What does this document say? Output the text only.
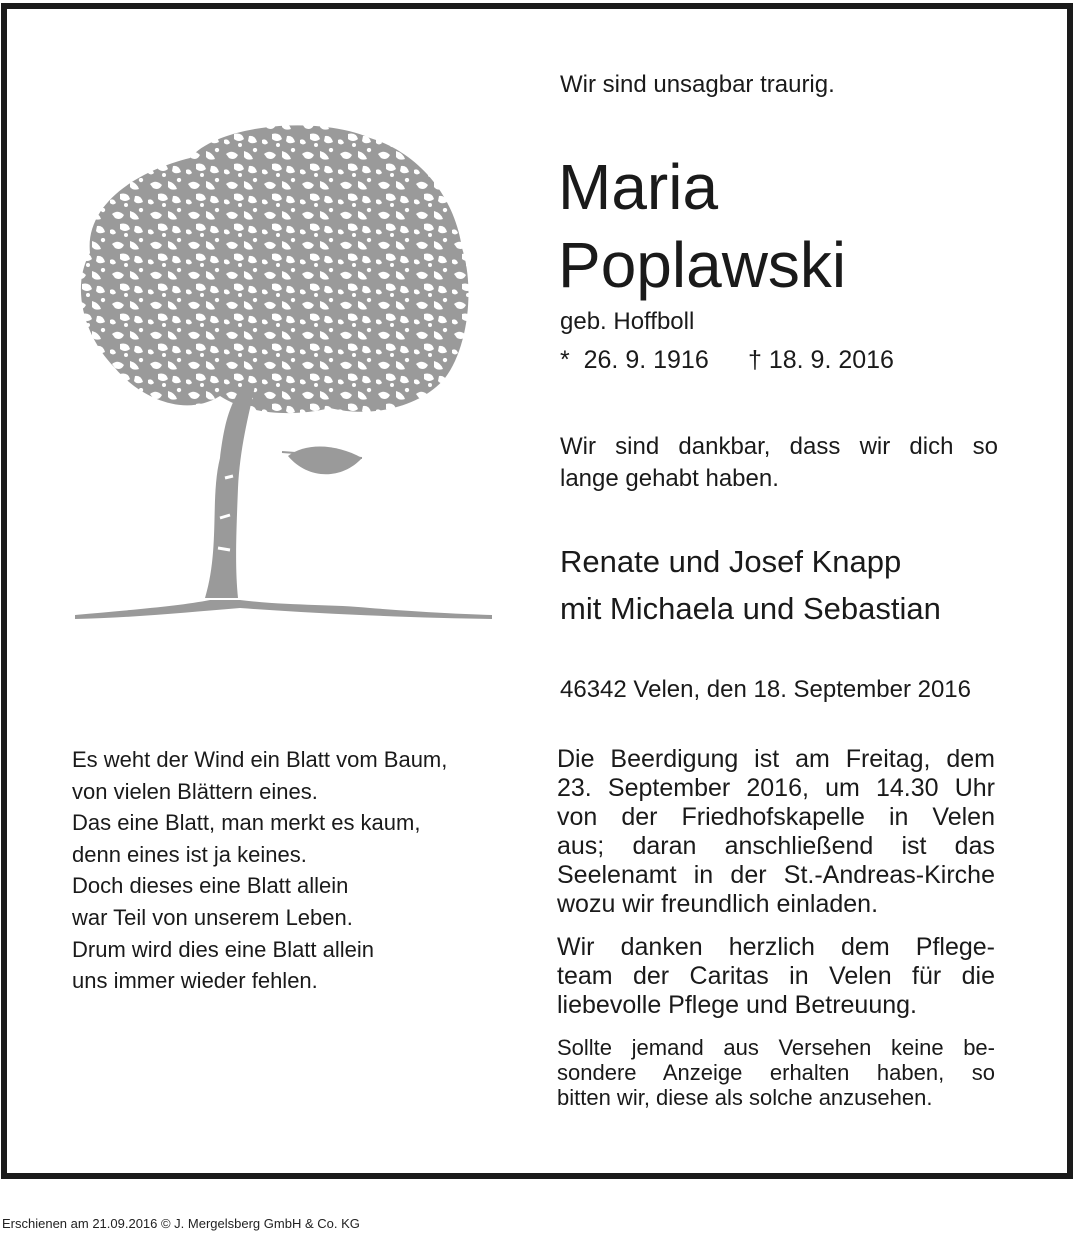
Wir sind unsagbar traurig.
Maria
Poplawski
geb. Hoffboll
*  26. 9. 1916 † 18. 9. 2016
Wir sind dankbar, dass wir dich so
lange gehabt haben.
Renate und Josef Knapp
mit Michaela und Sebastian
46342 Velen, den 18. September 2016
Es weht der Wind ein Blatt vom Baum,
von vielen Blättern eines.
Das eine Blatt, man merkt es kaum,
denn eines ist ja keines.
Doch dieses eine Blatt allein
war Teil von unserem Leben.
Drum wird dies eine Blatt allein
uns immer wieder fehlen.
Die Beerdigung ist am Freitag, dem
23. September 2016, um 14.30 Uhr
von der Friedhofskapelle in Velen
aus; daran anschließend ist das
Seelenamt in der St.-Andreas-Kirche
wozu wir freundlich einladen.
Wir danken herzlich dem Pflege-
team der Caritas in Velen für die
liebevolle Pflege und Betreuung.
Sollte jemand aus Versehen keine be-
sondere Anzeige erhalten haben, so
bitten wir, diese als solche anzusehen.
Erschienen am 21.09.2016 © J. Mergelsberg GmbH & Co. KG
